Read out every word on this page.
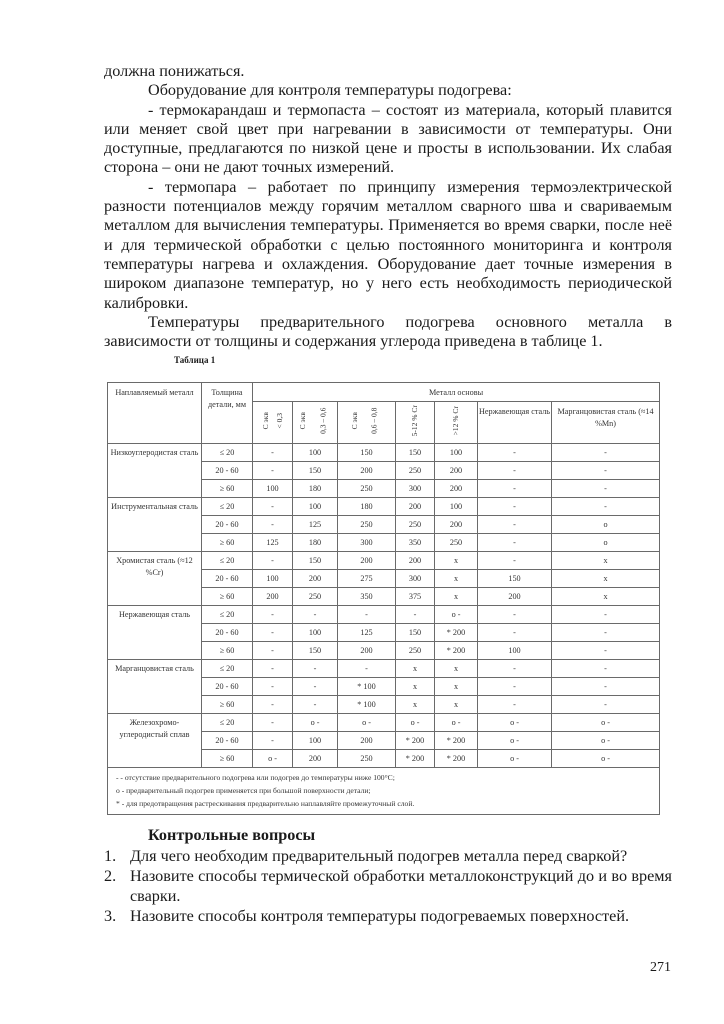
должна понижаться.

Оборудование для контроля температуры подогрева:

- термокарандаш и термопаста – состоят из материала, который плавится или меняет свой цвет при нагревании в зависимости от температуры. Они доступные, предлагаются по низкой цене и просты в использовании. Их слабая сторона – они не дают точных измерений.

- термопара – работает по принципу измерения термоэлектрической разности потенциалов между горячим металлом сварного шва и свариваемым металлом для вычисления температуры. Применяется во время сварки, после неё и для термической обработки с целью постоянного мониторинга и контроля температуры нагрева и охлаждения. Оборудование дает точные измерения в широком диапазоне температур, но у него есть необходимость периодической калибровки.

Температуры предварительного подогрева основного металла в зависимости от толщины и содержания углерода приведена в таблице 1.

Таблица 1
Наплавляемый металл	Толщина детали, мм	Металл основы						

		С экв < 0,3	С экв 0,3 – 0,6	С экв 0,6 – 0,8	5-12 % Cr	>12 % Cr	Нержавеющая сталь	Марганцовистая сталь (≈14 %Mn)
Низкоуглеродистая сталь	≤ 20	-	100	150	150	100	-	-
	20 - 60	-	150	200	250	200	-	-
	≥ 60	100	180	250	300	200	-	-
Инструментальная сталь	≤ 20	-	100	180	200	100	-	-
	20 - 60	-	125	250	250	200	-	o
	≥ 60	125	180	300	350	250	-	o
Хромистая сталь (≈12 %Cr)	≤ 20	-	150	200	200	x	-	x
	20 - 60	100	200	275	300	x	150	x
	≥ 60	200	250	350	375	x	200	x
Нержавеющая сталь	≤ 20	-	-	-	-	o -	-	-
	20 - 60	-	100	125	150	* 200	-	-
	≥ 60	-	150	200	250	* 200	100	-
Марганцовистая сталь	≤ 20	-	-	-	x	x	-	-
	20 - 60	-	-	* 100	x	x	-	-
	≥ 60	-	-	* 100	x	x	-	-
Железохромо-углеродистый сплав	≤ 20	-	o -	o -	o -	o -	o -	o -
	20 - 60	-	100	200	* 200	* 200	o -	o -
	≥ 60	o -	200	250	* 200	* 200	o -	o -

- - отсутствие предварительного подогрева или подогрев до температуры ниже 100°С;
о - предварительный подогрев применяется при большой поверхности детали;
* - для предотвращения растрескивания предварительно наплавляйте промежуточный слой.								
Контрольные вопросы
1. Для чего необходим предварительный подогрев металла перед сваркой?
2. Назовите способы термической обработки металлоконструкций до и во время сварки.
3. Назовите способы контроля температуры подогреваемых поверхностей.
271
